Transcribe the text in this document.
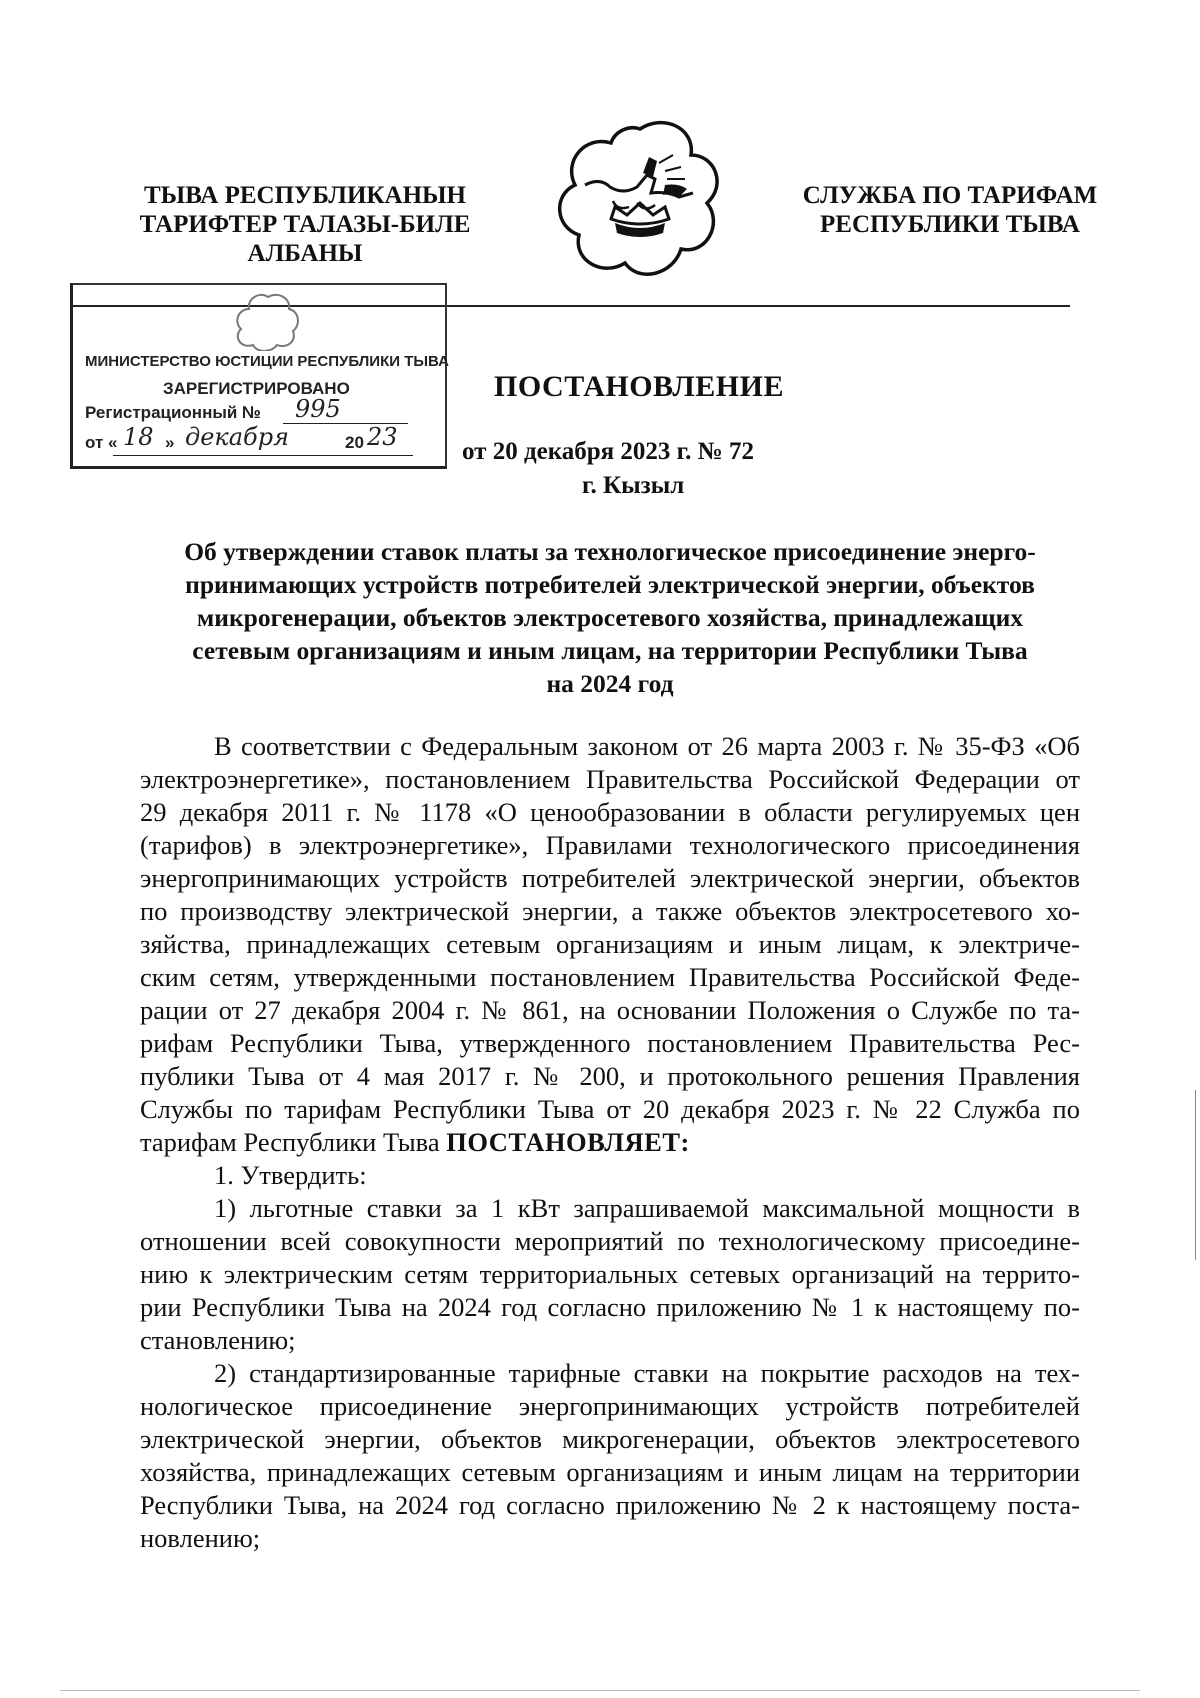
ТЫВА РЕСПУБЛИКАНЫН
ТАРИФТЕР ТАЛАЗЫ-БИЛЕ
АЛБАНЫ
СЛУЖБА ПО ТАРИФАМ
РЕСПУБЛИКИ ТЫВА
МИНИСТЕРСТВО ЮСТИЦИИ РЕСПУБЛИКИ ТЫВА
ЗАРЕГИСТРИРОВАНО
Регистрационный № 995
от « 18 » декабря	20 23
ПОСТАНОВЛЕНИЕ
от 20 декабря 2023 г. № 72
г. Кызыл
Об утверждении ставок платы за технологическое присоединение энерго-
принимающих устройств потребителей электрической энергии, объектов
микрогенерации, объектов электросетевого хозяйства, принадлежащих
сетевым организациям и иным лицам, на территории Республики Тыва
на 2024 год
В соответствии с Федеральным законом от 26 марта 2003 г. № 35-ФЗ «Об
электроэнергетике», постановлением Правительства Российской Федерации от
29 декабря 2011 г. № 1178 «О ценообразовании в области регулируемых цен
(тарифов) в электроэнергетике», Правилами технологического присоединения
энергопринимающих устройств потребителей электрической энергии, объектов
по производству электрической энергии, а также объектов электросетевого хо-
зяйства, принадлежащих сетевым организациям и иным лицам, к электриче-
ским сетям, утвержденными постановлением Правительства Российской Феде-
рации от 27 декабря 2004 г. № 861, на основании Положения о Службе по та-
рифам Республики Тыва, утвержденного постановлением Правительства Рес-
публики Тыва от 4 мая 2017 г. № 200, и протокольного решения Правления
Службы по тарифам Республики Тыва от 20 декабря 2023 г. № 22 Служба по
тарифам Республики Тыва ПОСТАНОВЛЯЕТ:
1. Утвердить:
1) льготные ставки за 1 кВт запрашиваемой максимальной мощности в
отношении всей совокупности мероприятий по технологическому присоедине-
нию к электрическим сетям территориальных сетевых организаций на террито-
рии Республики Тыва на 2024 год согласно приложению № 1 к настоящему по-
становлению;
2) стандартизированные тарифные ставки на покрытие расходов на тех-
нологическое присоединение энергопринимающих устройств потребителей
электрической энергии, объектов микрогенерации, объектов электросетевого
хозяйства, принадлежащих сетевым организациям и иным лицам на территории
Республики Тыва, на 2024 год согласно приложению № 2 к настоящему поста-
новлению;
